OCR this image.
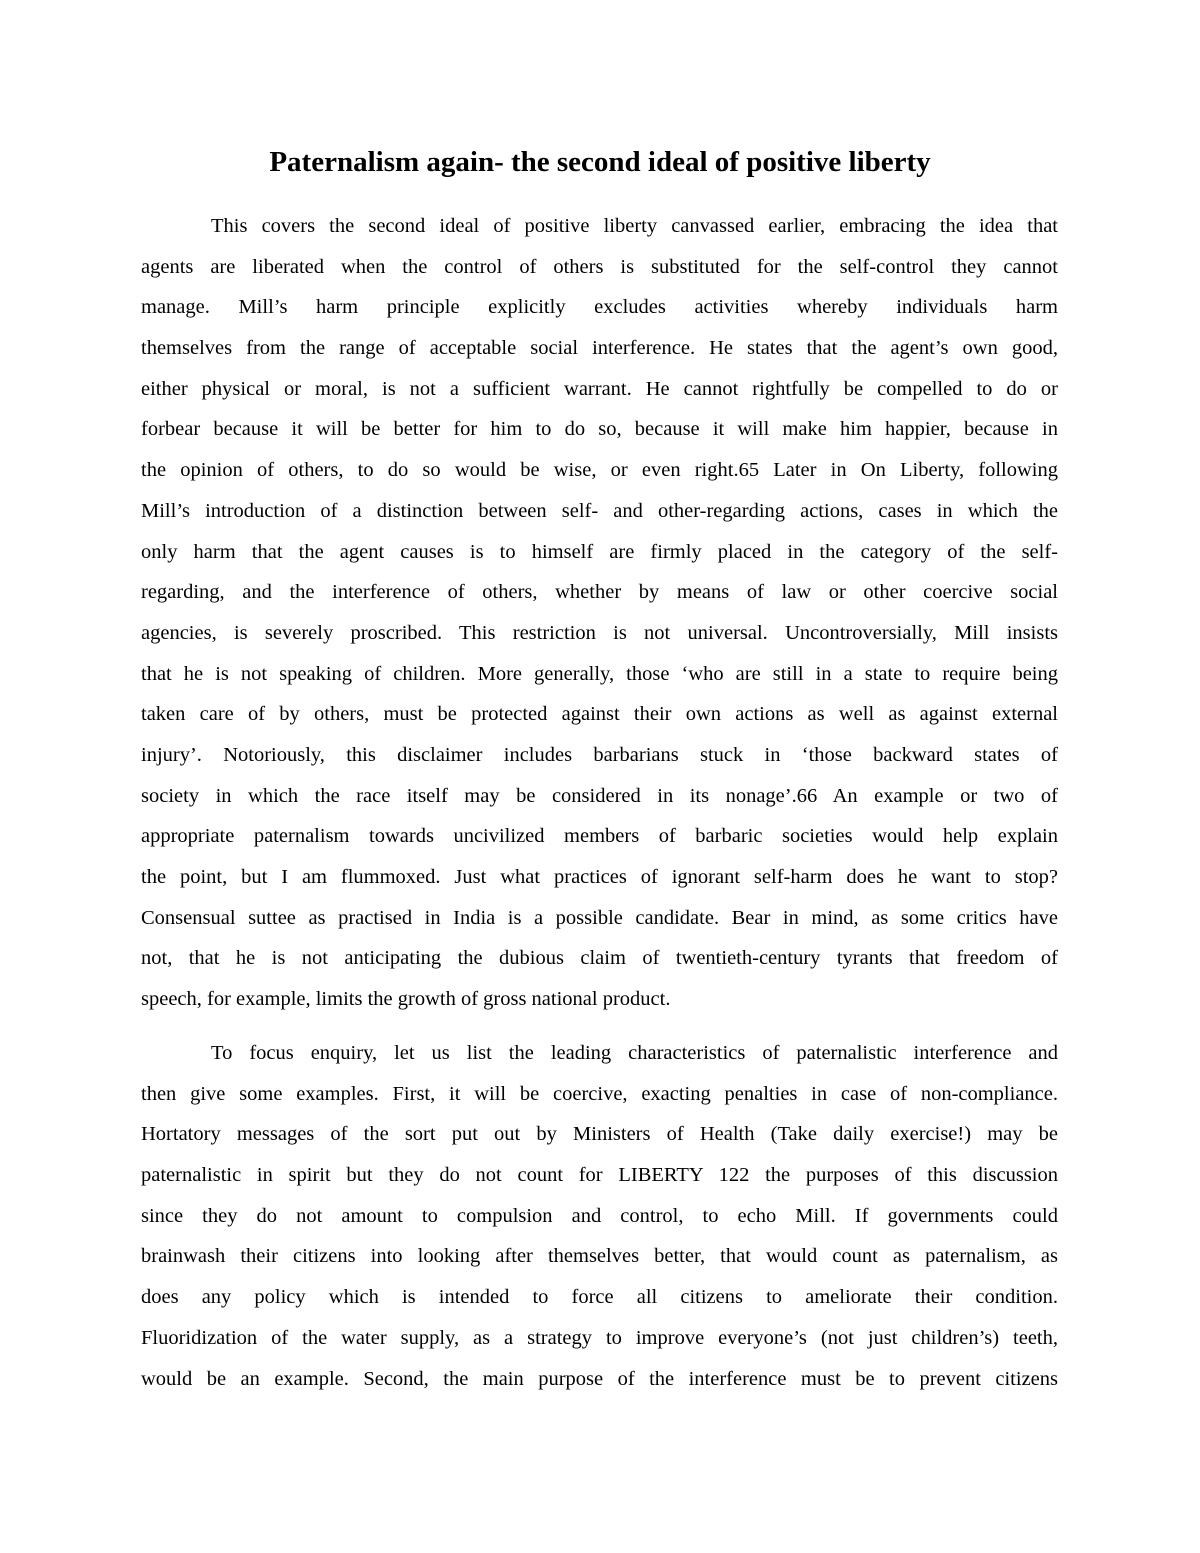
Paternalism again- the second ideal of positive liberty
This covers the second ideal of positive liberty canvassed earlier, embracing the idea that
agents are liberated when the control of others is substituted for the self-control they cannot
manage. Mill’s harm principle explicitly excludes activities whereby individuals harm
themselves from the range of acceptable social interference. He states that the agent’s own good,
either physical or moral, is not a sufficient warrant. He cannot rightfully be compelled to do or
forbear because it will be better for him to do so, because it will make him happier, because in
the opinion of others, to do so would be wise, or even right.65 Later in On Liberty, following
Mill’s introduction of a distinction between self- and other-regarding actions, cases in which the
only harm that the agent causes is to himself are firmly placed in the category of the self-
regarding, and the interference of others, whether by means of law or other coercive social
agencies, is severely proscribed. This restriction is not universal. Uncontroversially, Mill insists
that he is not speaking of children. More generally, those ‘who are still in a state to require being
taken care of by others, must be protected against their own actions as well as against external
injury’. Notoriously, this disclaimer includes barbarians stuck in ‘those backward states of
society in which the race itself may be considered in its nonage’.66 An example or two of
appropriate paternalism towards uncivilized members of barbaric societies would help explain
the point, but I am flummoxed. Just what practices of ignorant self-harm does he want to stop?
Consensual suttee as practised in India is a possible candidate. Bear in mind, as some critics have
not, that he is not anticipating the dubious claim of twentieth-century tyrants that freedom of
speech, for example, limits the growth of gross national product.
To focus enquiry, let us list the leading characteristics of paternalistic interference and
then give some examples. First, it will be coercive, exacting penalties in case of non-compliance.
Hortatory messages of the sort put out by Ministers of Health (Take daily exercise!) may be
paternalistic in spirit but they do not count for LIBERTY 122 the purposes of this discussion
since they do not amount to compulsion and control, to echo Mill. If governments could
brainwash their citizens into looking after themselves better, that would count as paternalism, as
does any policy which is intended to force all citizens to ameliorate their condition.
Fluoridization of the water supply, as a strategy to improve everyone’s (not just children’s) teeth,
would be an example. Second, the main purpose of the interference must be to prevent citizens
